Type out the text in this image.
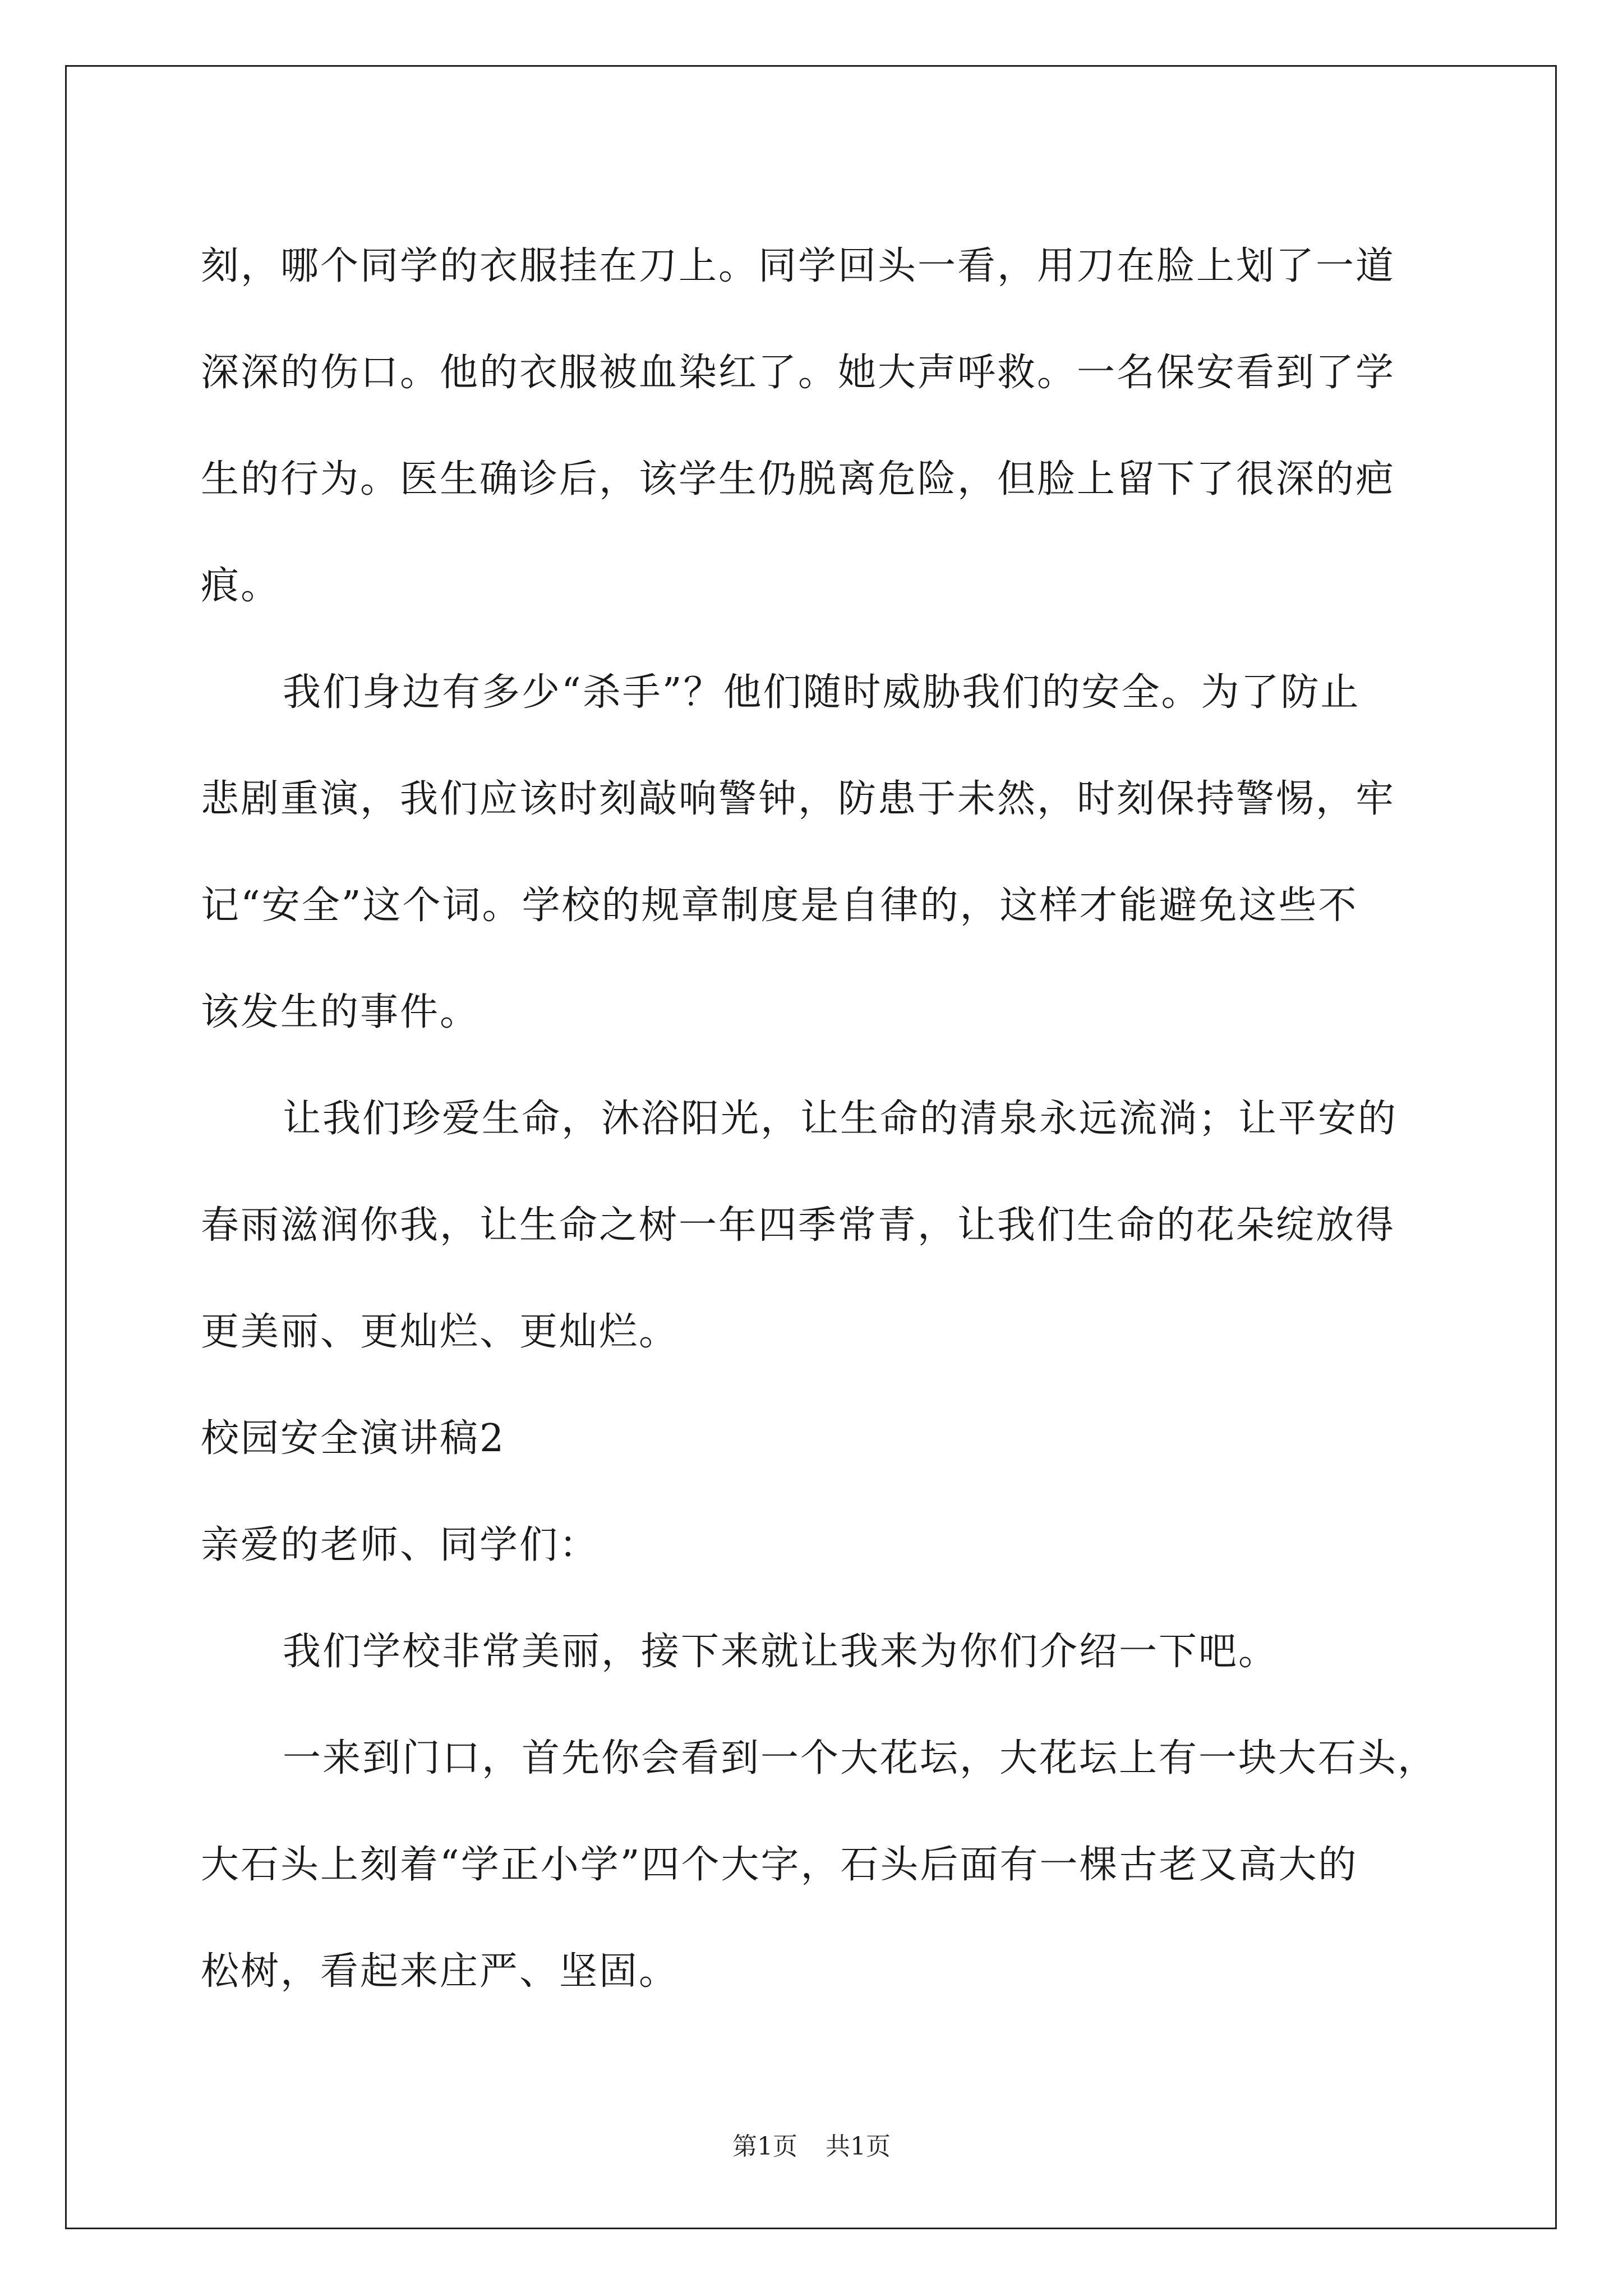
刻，哪个同学的衣服挂在刀上。同学回头一看，用刀在脸上划了一道
深深的伤口。他的衣服被血染红了。她大声呼救。一名保安看到了学
生的行为。医生确诊后，该学生仍脱离危险，但脸上留下了很深的疤
痕。
我们身边有多少“杀手”？他们随时威胁我们的安全。为了防止
悲剧重演，我们应该时刻敲响警钟，防患于未然，时刻保持警惕，牢
记“安全”这个词。学校的规章制度是自律的，这样才能避免这些不
该发生的事件。
让我们珍爱生命，沐浴阳光，让生命的清泉永远流淌；让平安的
春雨滋润你我，让生命之树一年四季常青，让我们生命的花朵绽放得
更美丽、更灿烂、更灿烂。
校园安全演讲稿2
亲爱的老师、同学们：
我们学校非常美丽，接下来就让我来为你们介绍一下吧。
一来到门口，首先你会看到一个大花坛，大花坛上有一块大石头，
大石头上刻着“学正小学”四个大字，石头后面有一棵古老又高大的
松树，看起来庄严、坚固。
第1页 共1页
